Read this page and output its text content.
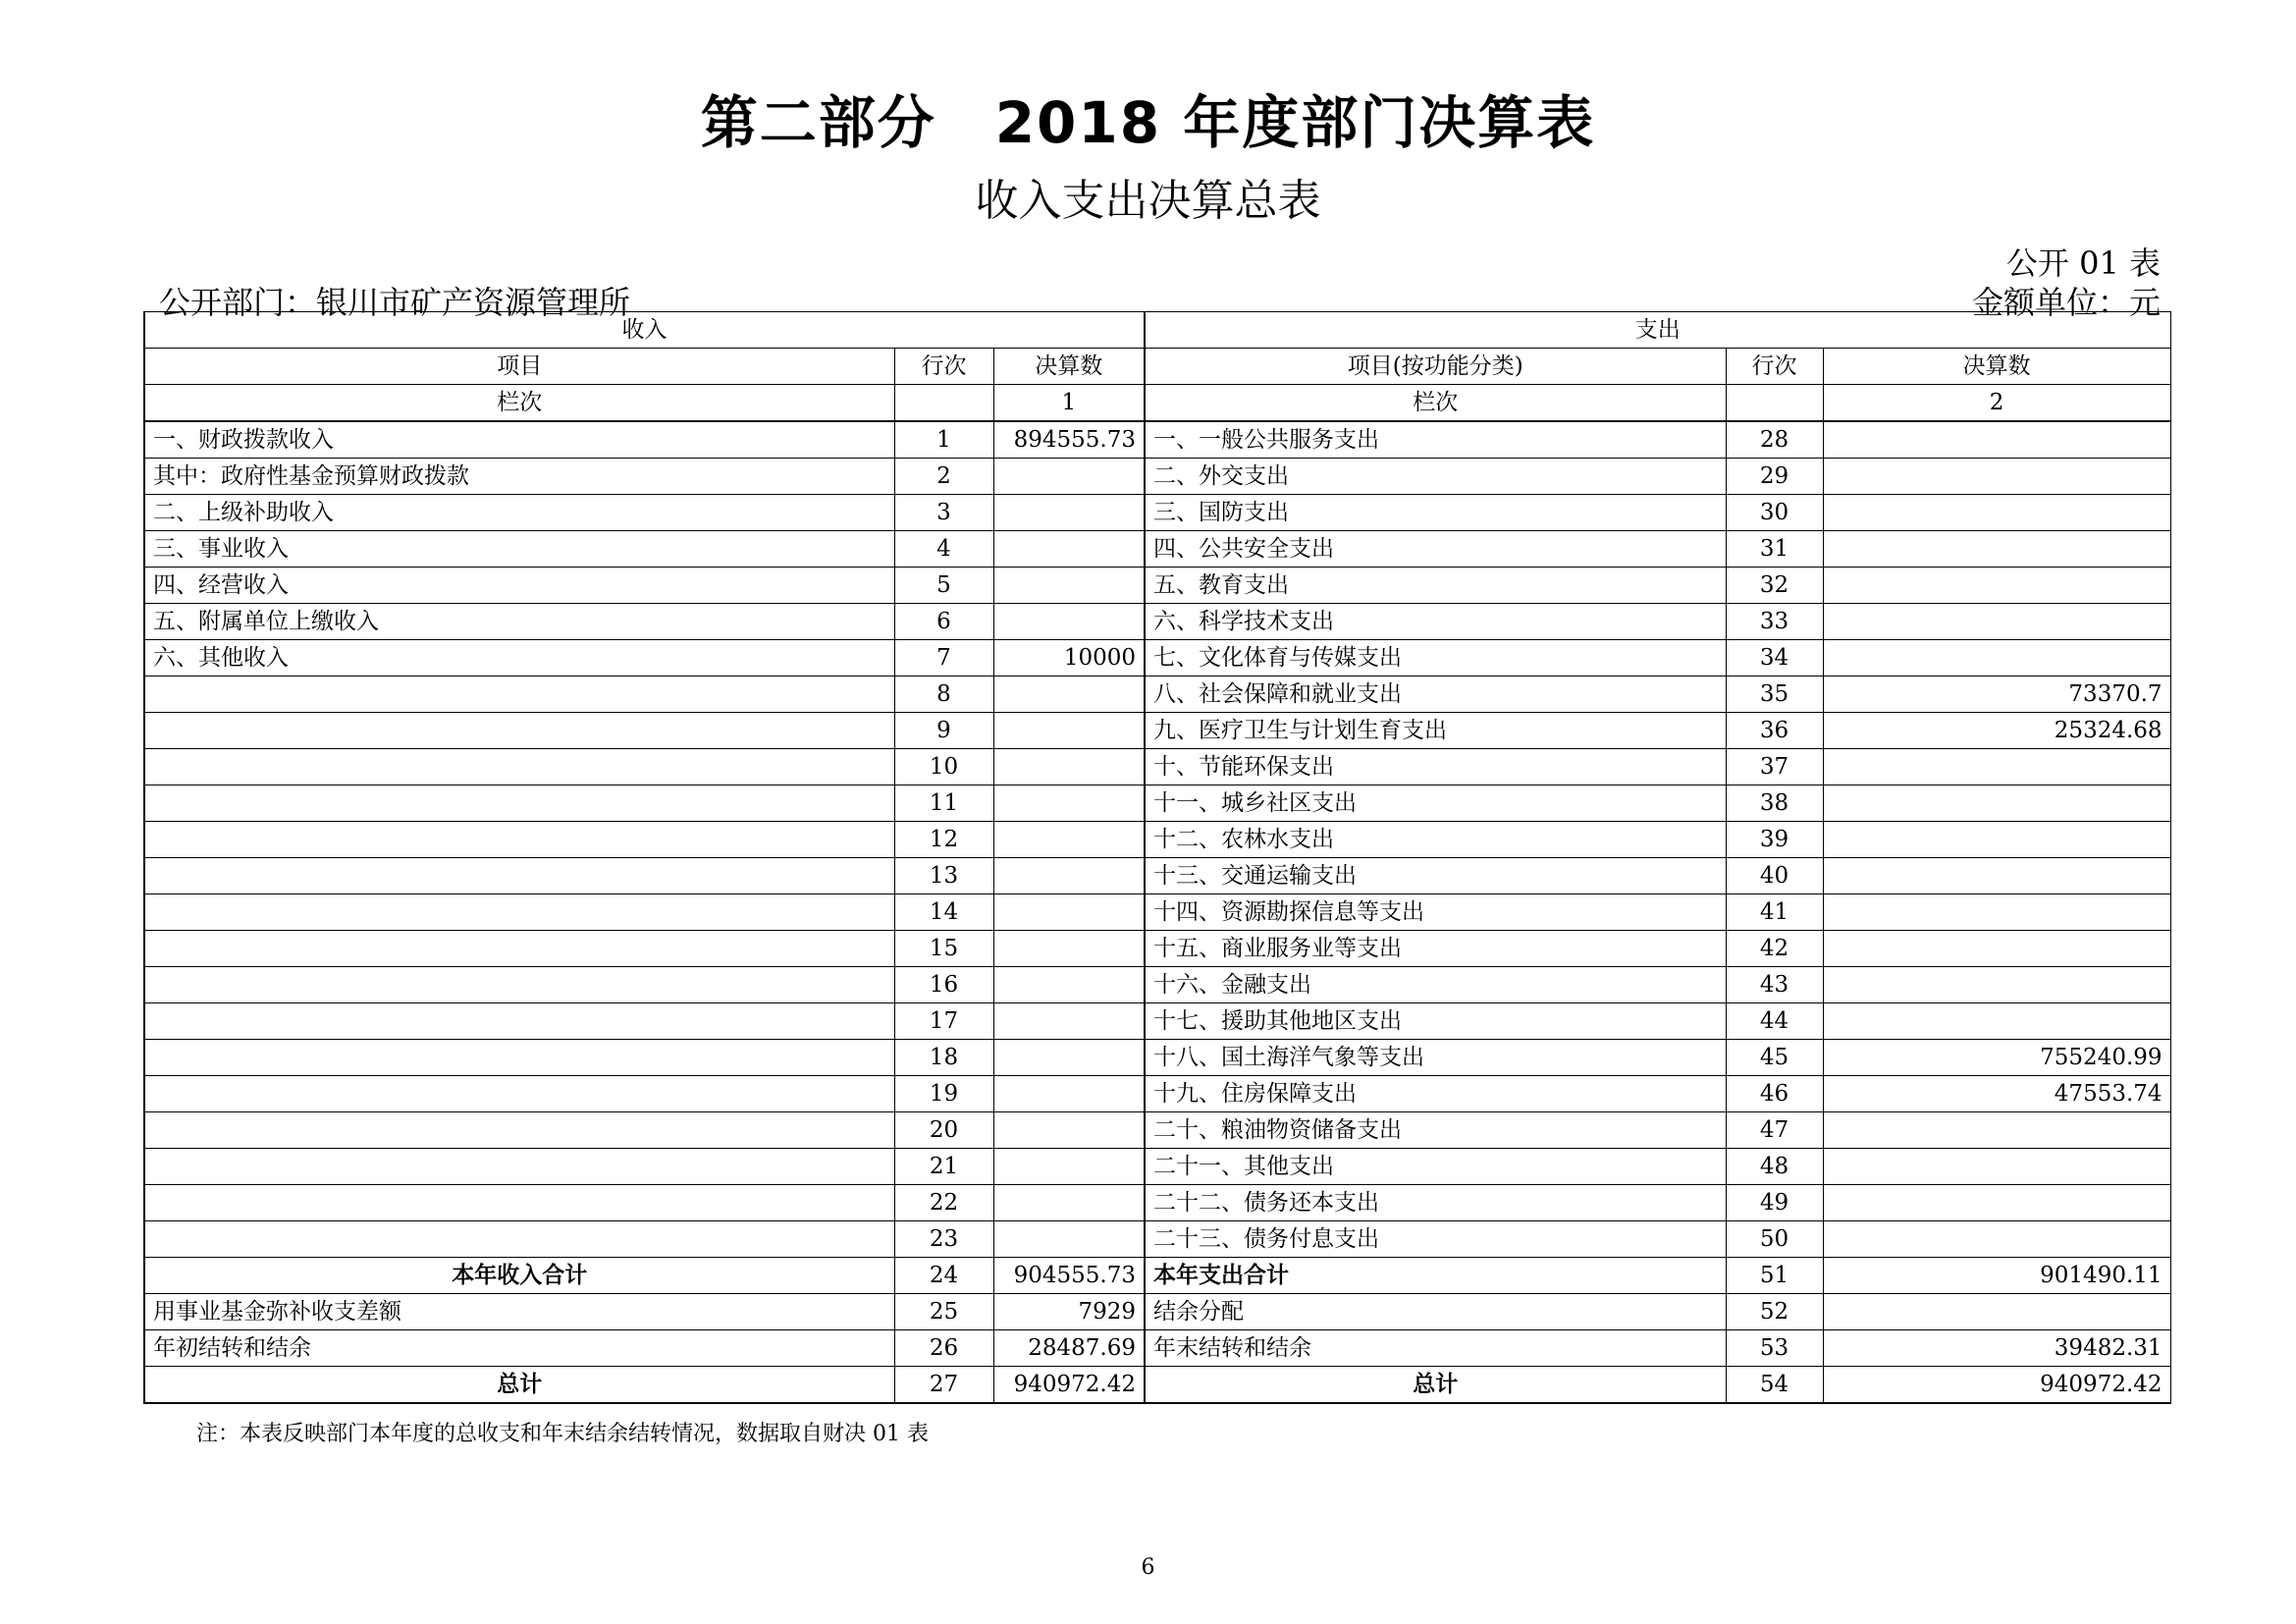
第二部分　2018 年度部门决算表
收入支出决算总表
公开 01 表
公开部门：银川市矿产资源管理所	金额单位：元
收入			支出		
项目	行次	决算数	项目(按功能分类)	行次	决算数
栏次		1	栏次		2
一、财政拨款收入	1	894555.73	一、一般公共服务支出	28	
其中：政府性基金预算财政拨款	2		二、外交支出	29	
二、上级补助收入	3		三、国防支出	30	
三、事业收入	4		四、公共安全支出	31	
四、经营收入	5		五、教育支出	32	
五、附属单位上缴收入	6		六、科学技术支出	33	
六、其他收入	7	10000	七、文化体育与传媒支出	34	
	8		八、社会保障和就业支出	35	73370.7
	9		九、医疗卫生与计划生育支出	36	25324.68
	10		十、节能环保支出	37	
	11		十一、城乡社区支出	38	
	12		十二、农林水支出	39	
	13		十三、交通运输支出	40	
	14		十四、资源勘探信息等支出	41	
	15		十五、商业服务业等支出	42	
	16		十六、金融支出	43	
	17		十七、援助其他地区支出	44	
	18		十八、国土海洋气象等支出	45	755240.99
	19		十九、住房保障支出	46	47553.74
	20		二十、粮油物资储备支出	47	
	21		二十一、其他支出	48	
	22		二十二、债务还本支出	49	
	23		二十三、债务付息支出	50	
本年收入合计	24	904555.73	本年支出合计	51	901490.11
用事业基金弥补收支差额	25	7929	结余分配	52	
年初结转和结余	26	28487.69	年末结转和结余	53	39482.31
总计	27	940972.42	总计	54	940972.42
注：本表反映部门本年度的总收支和年末结余结转情况，数据取自财决 01 表
6
